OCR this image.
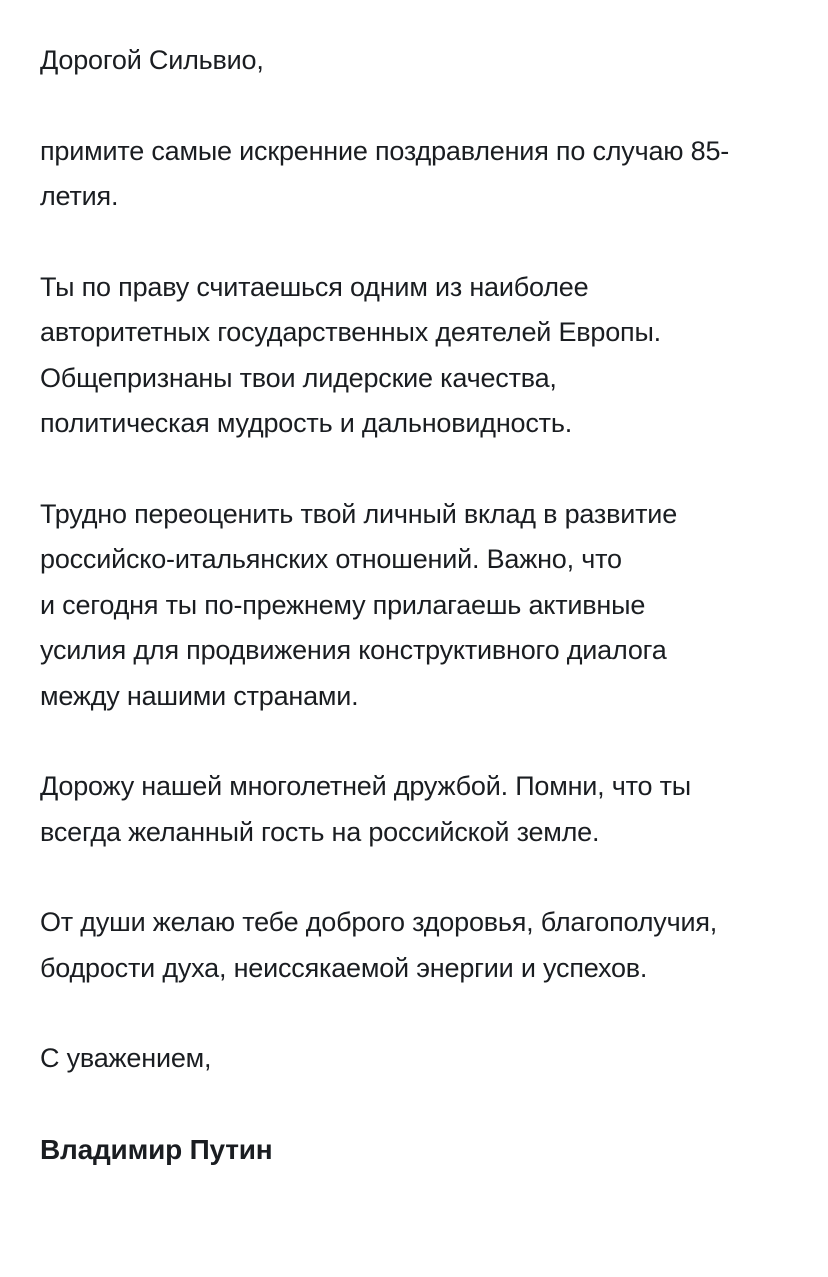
Дорогой Сильвио,

примите самые искренние поздравления по случаю 85-
летия.

Ты по праву считаешься одним из наиболее
авторитетных государственных деятелей Европы.
Общепризнаны твои лидерские качества,
политическая мудрость и дальновидность.

Трудно переоценить твой личный вклад в развитие
российско-итальянских отношений. Важно, что
и сегодня ты по-прежнему прилагаешь активные
усилия для продвижения конструктивного диалога
между нашими странами.

Дорожу нашей многолетней дружбой. Помни, что ты
всегда желанный гость на российской земле.

От души желаю тебе доброго здоровья, благополучия,
бодрости духа, неиссякаемой энергии и успехов.

С уважением,

Владимир Путин
